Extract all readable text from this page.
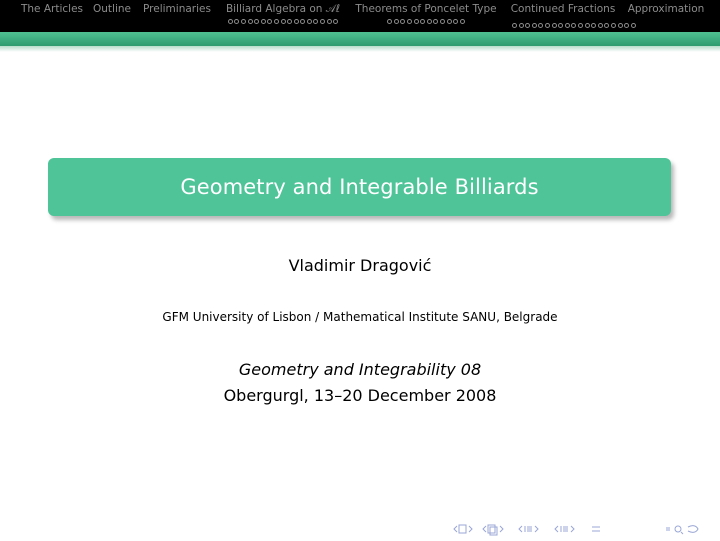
The Articles Outline Preliminaries Billiard Algebra on 𝒜ℓ Theorems of Poncelet Type Continued Fractions Approximation
Geometry and Integrable Billiards
Vladimir Dragović
GFM University of Lisbon / Mathematical Institute SANU, Belgrade
Geometry and Integrability 08
Obergurgl, 13–20 December 2008
